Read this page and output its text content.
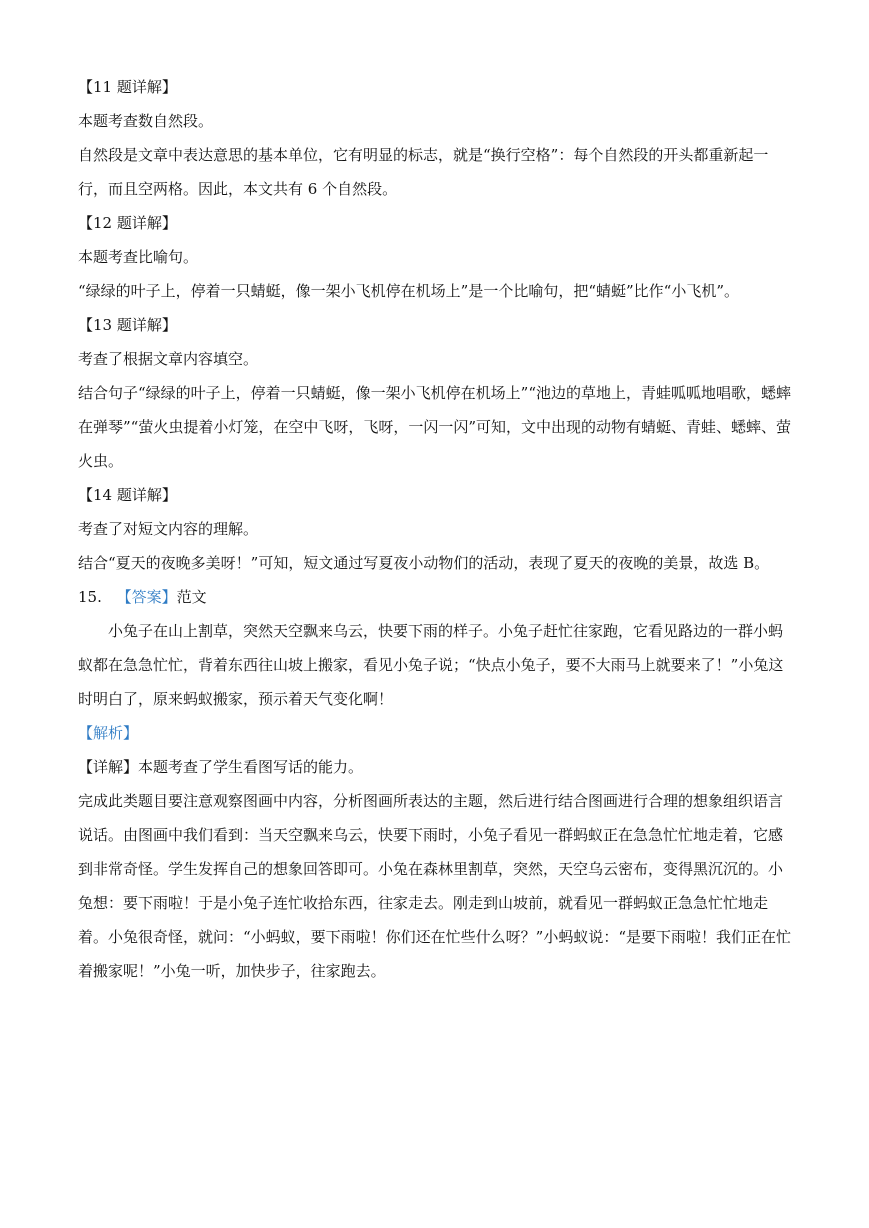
【11 题详解】
本题考查数自然段。

自然段是文章中表达意思的基本单位，它有明显的标志，就是“换行空格”：每个自然段的开头都重新起一行，而且空两格。因此，本文共有 6 个自然段。

【12 题详解】
本题考查比喻句。
“绿绿的叶子上，停着一只蜻蜓，像一架小飞机停在机场上”是一个比喻句，把“蜻蜓”比作“小飞机”。
【13 题详解】
考查了根据文章内容填空。

结合句子“绿绿的叶子上，停着一只蜻蜓，像一架小飞机停在机场上”“池边的草地上，青蛙呱呱地唱歌，蟋蟀在弹琴”“萤火虫提着小灯笼，在空中飞呀，飞呀，一闪一闪”可知，文中出现的动物有蜻蜓、青蛙、蟋蟀、萤火虫。

【14 题详解】
考查了对短文内容的理解。
结合“夏天的夜晚多美呀！”可知，短文通过写夏夜小动物们的活动，表现了夏天的夜晚的美景，故选 B。
15. 【答案】范文

小兔子在山上割草，突然天空飘来乌云，快要下雨的样子。小兔子赶忙往家跑，它看见路边的一群小蚂蚁都在急急忙忙，背着东西往山坡上搬家，看见小兔子说；“快点小兔子，要不大雨马上就要来了！”小兔这时明白了，原来蚂蚁搬家，预示着天气变化啊！

【解析】
【详解】本题考查了学生看图写话的能力。

完成此类题目要注意观察图画中内容，分析图画所表达的主题，然后进行结合图画进行合理的想象组织语言说话。由图画中我们看到：当天空飘来乌云，快要下雨时，小兔子看见一群蚂蚁正在急急忙忙地走着，它感到非常奇怪。学生发挥自己的想象回答即可。小兔在森林里割草，突然，天空乌云密布，变得黑沉沉的。小兔想：要下雨啦！于是小兔子连忙收拾东西，往家走去。刚走到山坡前，就看见一群蚂蚁正急急忙忙地走着。小兔很奇怪，就问：“小蚂蚁，要下雨啦！你们还在忙些什么呀？”小蚂蚁说：“是要下雨啦！我们正在忙着搬家呢！”小兔一听，加快步子，往家跑去。
